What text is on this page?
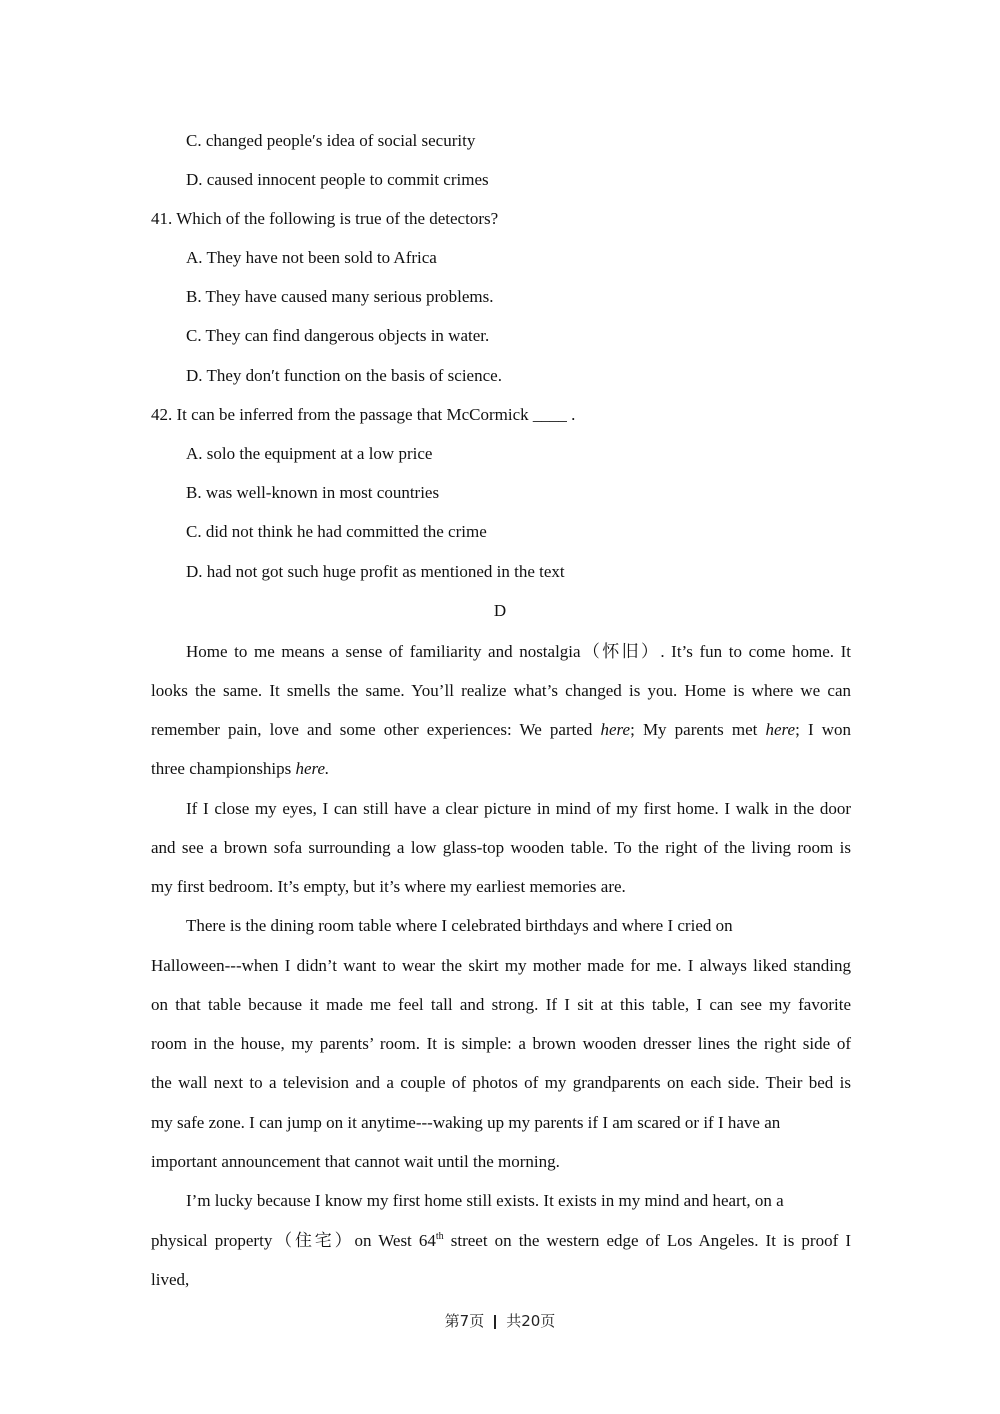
C. changed people′s idea of social security
D. caused innocent people to commit crimes
41. Which of the following is true of the detectors?
A. They have not been sold to Africa
B. They have caused many serious problems.
C. They can find dangerous objects in water.
D. They don′t function on the basis of science.
42. It can be inferred from the passage that McCormick ____ .
A. solo the equipment at a low price
B. was well-known in most countries
C. did not think he had committed the crime
D. had not got such huge profit as mentioned in the text
D
Home to me means a sense of familiarity and nostalgia（怀旧）. It’s fun to come home. It
looks the same. It smells the same. You’ll realize what’s changed is you. Home is where we can
remember pain, love and some other experiences: We parted here; My parents met here; I won
three championships here.
If I close my eyes, I can still have a clear picture in mind of my first home. I walk in the door
and see a brown sofa surrounding a low glass-top wooden table. To the right of the living room is
my first bedroom. It’s empty, but it’s where my earliest memories are.
There is the dining room table where I celebrated birthdays and where I cried on
Halloween---when I didn’t want to wear the skirt my mother made for me. I always liked standing
on that table because it made me feel tall and strong. If I sit at this table, I can see my favorite
room in the house, my parents’ room. It is simple: a brown wooden dresser lines the right side of
the wall next to a television and a couple of photos of my grandparents on each side. Their bed is
my safe zone. I can jump on it anytime---waking up my parents if I am scared or if I have an
important announcement that cannot wait until the morning.
I’m lucky because I know my first home still exists. It exists in my mind and heart, on a
physical property（住宅）on West 64th street on the western edge of Los Angeles. It is proof I
lived,
第7页 共20页
